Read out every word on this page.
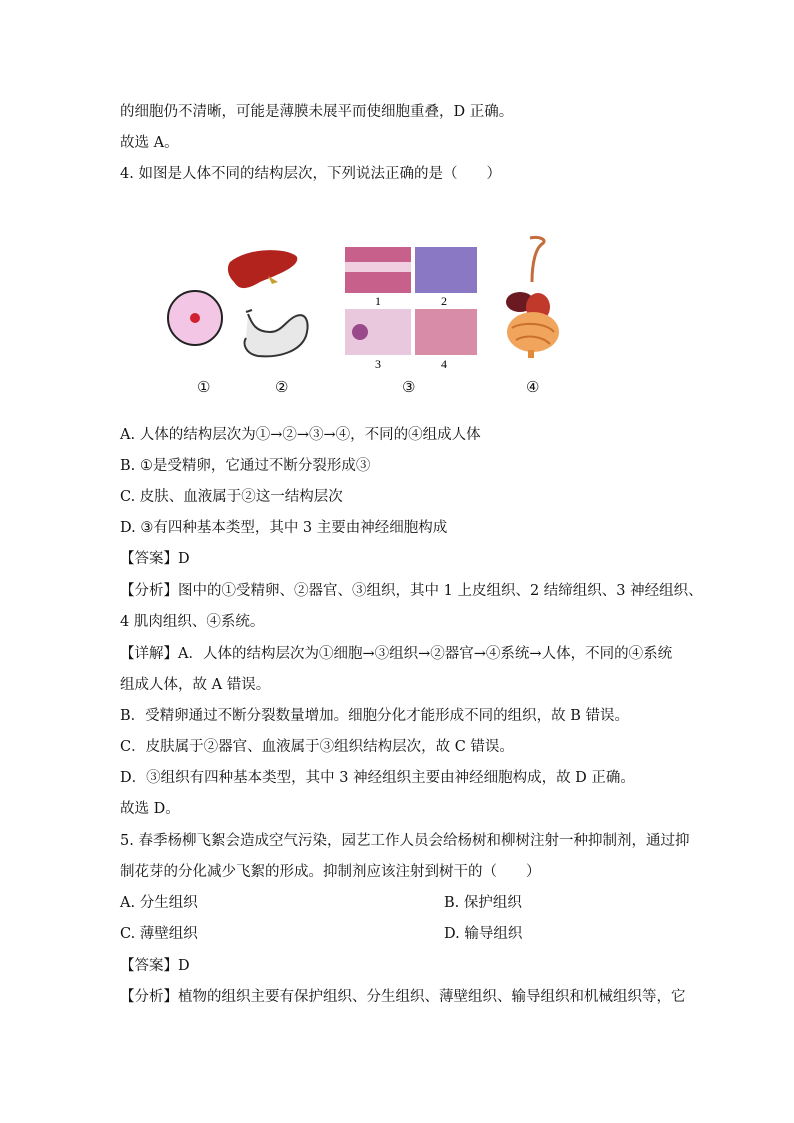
的细胞仍不清晰，可能是薄膜未展平而使细胞重叠，D 正确。
故选 A。
4. 如图是人体不同的结构层次，下列说法正确的是（　　）
1	2
3	4
①	②	③	④
A. 人体的结构层次为①→②→③→④，不同的④组成人体
B. ①是受精卵，它通过不断分裂形成③
C. 皮肤、血液属于②这一结构层次
D. ③有四种基本类型，其中 3 主要由神经细胞构成
【答案】D
【分析】图中的①受精卵、②器官、③组织，其中 1 上皮组织、2 结缔组织、3 神经组织、
4 肌肉组织、④系统。
【详解】A．人体的结构层次为①细胞→③组织→②器官→④系统→人体，不同的④系统
组成人体，故 A 错误。
B．受精卵通过不断分裂数量增加。细胞分化才能形成不同的组织，故 B 错误。
C．皮肤属于②器官、血液属于③组织结构层次，故 C 错误。
D．③组织有四种基本类型，其中 3 神经组织主要由神经细胞构成，故 D 正确。
故选 D。
5. 春季杨柳飞絮会造成空气污染，园艺工作人员会给杨树和柳树注射一种抑制剂，通过抑
制花芽的分化减少飞絮的形成。抑制剂应该注射到树干的（　　）
A. 分生组织	B. 保护组织
C. 薄壁组织	D. 输导组织
【答案】D
【分析】植物的组织主要有保护组织、分生组织、薄壁组织、输导组织和机械组织等，它
